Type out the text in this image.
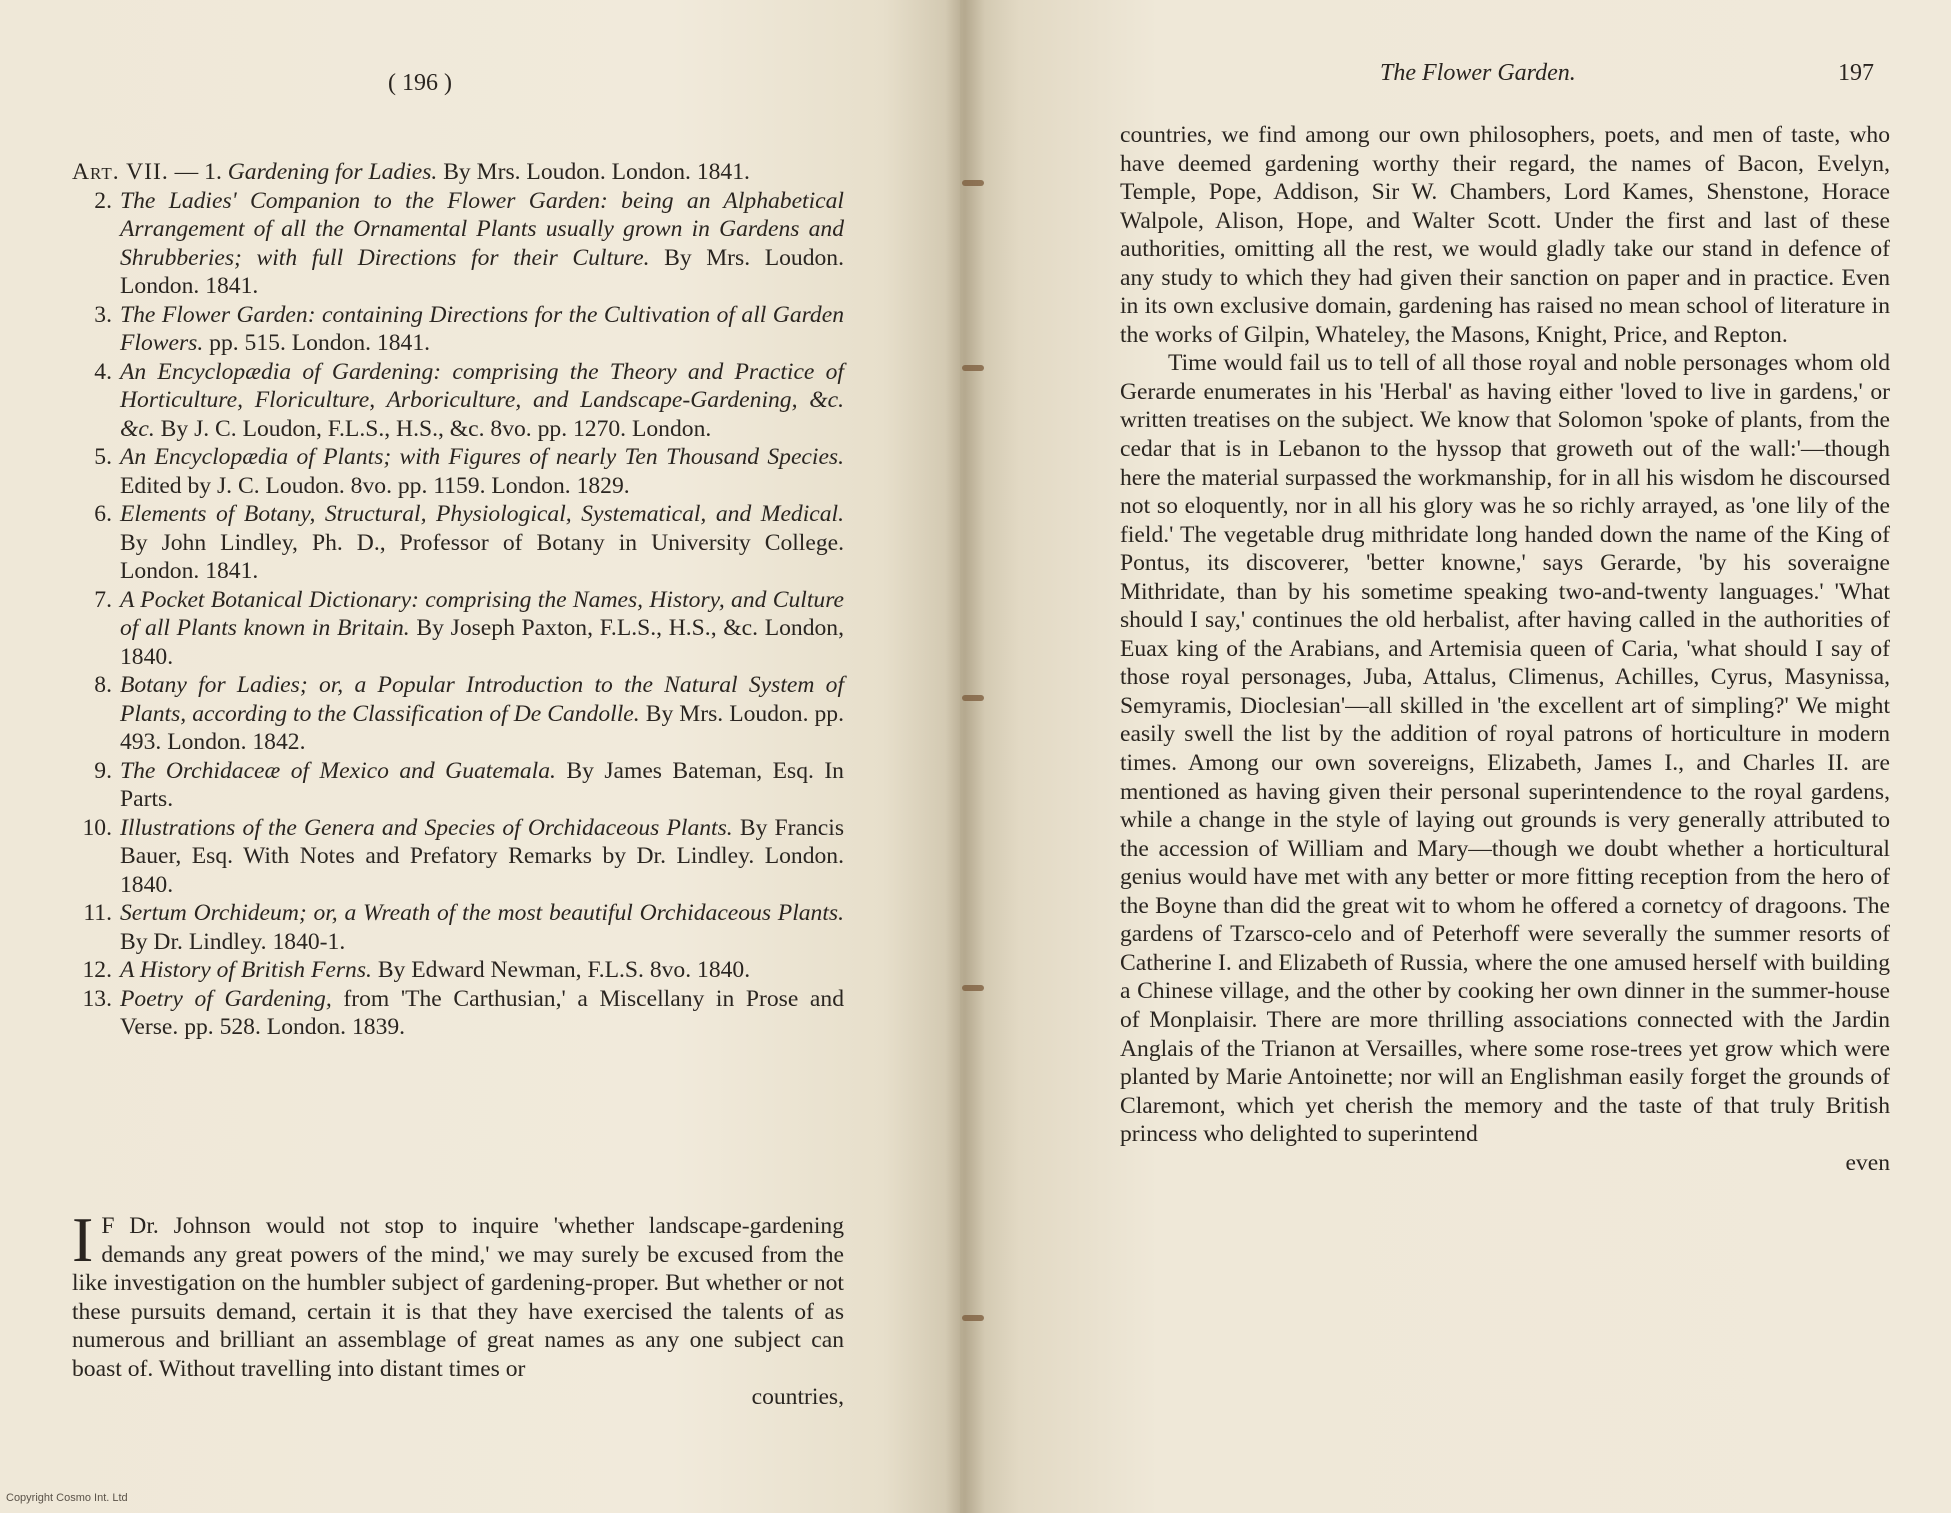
( 196 )
Art. VII. — 1. Gardening for Ladies. By Mrs. Loudon. London. 1841.
2. The Ladies' Companion to the Flower Garden: being an Alphabetical Arrangement of all the Ornamental Plants usually grown in Gardens and Shrubberies; with full Directions for their Culture. By Mrs. Loudon. London. 1841.
3. The Flower Garden: containing Directions for the Cultivation of all Garden Flowers. pp. 515. London. 1841.
4. An Encyclopædia of Gardening: comprising the Theory and Practice of Horticulture, Floriculture, Arboriculture, and Landscape-Gardening, &c. &c. By J. C. Loudon, F.L.S., H.S., &c. 8vo. pp. 1270. London.
5. An Encyclopædia of Plants; with Figures of nearly Ten Thousand Species. Edited by J. C. Loudon. 8vo. pp. 1159. London. 1829.
6. Elements of Botany, Structural, Physiological, Systematical, and Medical. By John Lindley, Ph. D., Professor of Botany in University College. London. 1841.
7. A Pocket Botanical Dictionary: comprising the Names, History, and Culture of all Plants known in Britain. By Joseph Paxton, F.L.S., H.S., &c. London, 1840.
8. Botany for Ladies; or, a Popular Introduction to the Natural System of Plants, according to the Classification of De Candolle. By Mrs. Loudon. pp. 493. London. 1842.
9. The Orchidaceæ of Mexico and Guatemala. By James Bateman, Esq. In Parts.
10. Illustrations of the Genera and Species of Orchidaceous Plants. By Francis Bauer, Esq. With Notes and Prefatory Remarks by Dr. Lindley. London. 1840.
11. Sertum Orchideum; or, a Wreath of the most beautiful Orchidaceous Plants. By Dr. Lindley. 1840-1.
12. A History of British Ferns. By Edward Newman, F.L.S. 8vo. 1840.
13. Poetry of Gardening, from 'The Carthusian,' a Miscellany in Prose and Verse. pp. 528. London. 1839.
I F Dr. Johnson would not stop to inquire 'whether landscape-gardening demands any great powers of the mind,' we may surely be excused from the like investigation on the humbler subject of gardening-proper. But whether or not these pursuits demand, certain it is that they have exercised the talents of as numerous and brilliant an assemblage of great names as any one subject can boast of. Without travelling into distant times or
countries,
The Flower Garden.	197

countries, we find among our own philosophers, poets, and men of taste, who have deemed gardening worthy their regard, the names of Bacon, Evelyn, Temple, Pope, Addison, Sir W. Chambers, Lord Kames, Shenstone, Horace Walpole, Alison, Hope, and Walter Scott. Under the first and last of these authorities, omitting all the rest, we would gladly take our stand in defence of any study to which they had given their sanction on paper and in practice. Even in its own exclusive domain, gardening has raised no mean school of literature in the works of Gilpin, Whateley, the Masons, Knight, Price, and Repton.

Time would fail us to tell of all those royal and noble personages whom old Gerarde enumerates in his 'Herbal' as having either 'loved to live in gardens,' or written treatises on the subject. We know that Solomon 'spoke of plants, from the cedar that is in Lebanon to the hyssop that groweth out of the wall:'—though here the material surpassed the workmanship, for in all his wisdom he discoursed not so eloquently, nor in all his glory was he so richly arrayed, as 'one lily of the field.' The vegetable drug mithridate long handed down the name of the King of Pontus, its discoverer, 'better knowne,' says Gerarde, 'by his soveraigne Mithridate, than by his sometime speaking two-and-twenty languages.' 'What should I say,' continues the old herbalist, after having called in the authorities of Euax king of the Arabians, and Artemisia queen of Caria, 'what should I say of those royal personages, Juba, Attalus, Climenus, Achilles, Cyrus, Masynissa, Semyramis, Dioclesian'—all skilled in 'the excellent art of simpling?' We might easily swell the list by the addition of royal patrons of horticulture in modern times. Among our own sovereigns, Elizabeth, James I., and Charles II. are mentioned as having given their personal superintendence to the royal gardens, while a change in the style of laying out grounds is very generally attributed to the accession of William and Mary—though we doubt whether a horticultural genius would have met with any better or more fitting reception from the hero of the Boyne than did the great wit to whom he offered a cornetcy of dragoons. The gardens of Tzarsco-celo and of Peterhoff were severally the summer resorts of Catherine I. and Elizabeth of Russia, where the one amused herself with building a Chinese village, and the other by cooking her own dinner in the summer-house of Monplaisir. There are more thrilling associations connected with the Jardin Anglais of the Trianon at Versailles, where some rose-trees yet grow which were planted by Marie Antoinette; nor will an Englishman easily forget the grounds of Claremont, which yet cherish the memory and the taste of that truly British princess who delighted to superintend

even
Copyright Cosmo Int. Ltd
